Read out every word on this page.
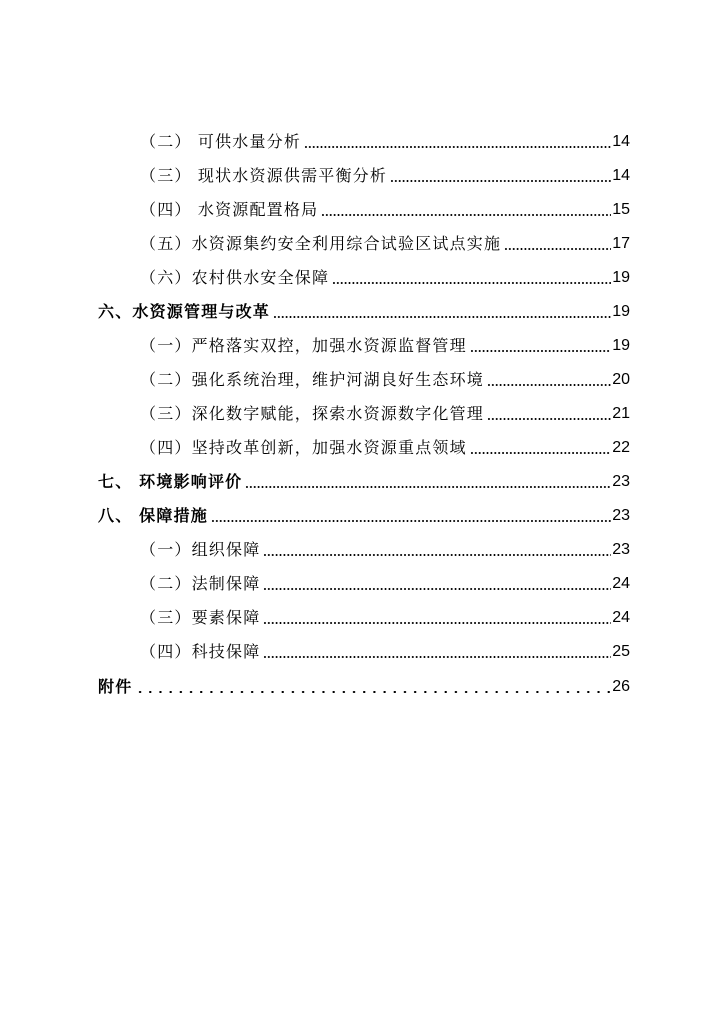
（二） 可供水量分析	14
（三） 现状水资源供需平衡分析	14
（四） 水资源配置格局	15
（五）水资源集约安全利用综合试验区试点实施	17
（六）农村供水安全保障	19
六、水资源管理与改革	19
（一）严格落实双控，加强水资源监督管理	19
（二）强化系统治理，维护河湖良好生态环境	20
（三）深化数字赋能，探索水资源数字化管理	21
（四）坚持改革创新，加强水资源重点领域	22
七、 环境影响评价	23
八、 保障措施	23
（一）组织保障	23
（二）法制保障	24
（三）要素保障	24
（四）科技保障	25
附件	26
